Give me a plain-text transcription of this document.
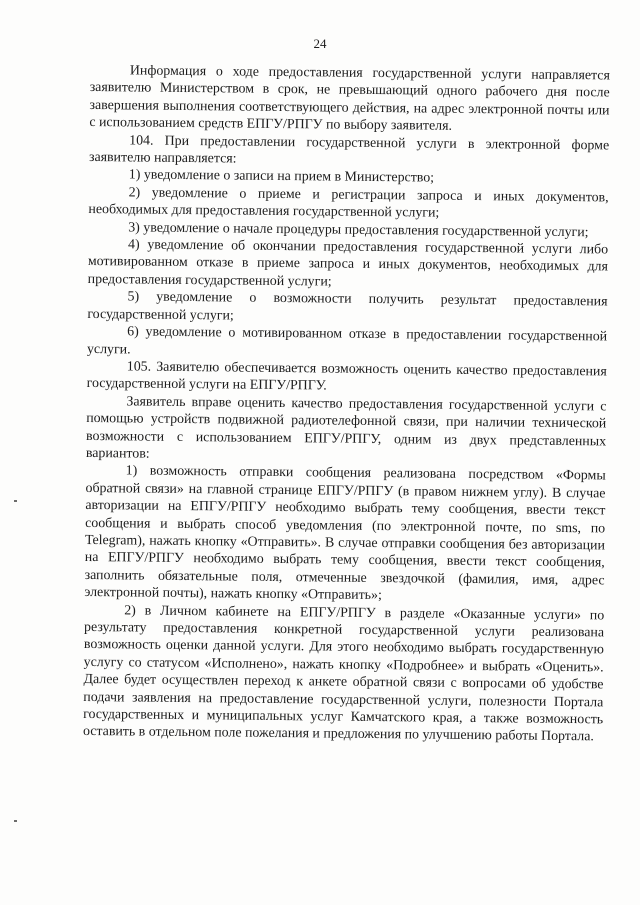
24

Информация о ходе предоставления государственной услуги направляется заявителю Министерством в срок, не превышающий одного рабочего дня после завершения выполнения соответствующего действия, на адрес электронной почты или с использованием средств ЕПГУ/РПГУ по выбору заявителя.

104. При предоставлении государственной услуги в электронной форме заявителю направляется:

1) уведомление о записи на прием в Министерство;

2) уведомление о приеме и регистрации запроса и иных документов, необходимых для предоставления государственной услуги;

3) уведомление о начале процедуры предоставления государственной услуги;

4) уведомление об окончании предоставления государственной услуги либо мотивированном отказе в приеме запроса и иных документов, необходимых для предоставления государственной услуги;

5) уведомление о возможности получить результат предоставления государственной услуги;

6) уведомление о мотивированном отказе в предоставлении государственной услуги.

105. Заявителю обеспечивается возможность оценить качество предоставления государственной услуги на ЕПГУ/РПГУ.

Заявитель вправе оценить качество предоставления государственной услуги с помощью устройств подвижной радиотелефонной связи, при наличии технической возможности с использованием ЕПГУ/РПГУ, одним из двух представленных вариантов:

1) возможность отправки сообщения реализована посредством «Формы обратной связи» на главной странице ЕПГУ/РПГУ (в правом нижнем углу). В случае авторизации на ЕПГУ/РПГУ необходимо выбрать тему сообщения, ввести текст сообщения и выбрать способ уведомления (по электронной почте, по sms, по Telegram), нажать кнопку «Отправить». В случае отправки сообщения без авторизации на ЕПГУ/РПГУ необходимо выбрать тему сообщения, ввести текст сообщения, заполнить обязательные поля, отмеченные звездочкой (фамилия, имя, адрес электронной почты), нажать кнопку «Отправить»;

2) в Личном кабинете на ЕПГУ/РПГУ в разделе «Оказанные услуги» по результату предоставления конкретной государственной услуги реализована возможность оценки данной услуги. Для этого необходимо выбрать государственную услугу со статусом «Исполнено», нажать кнопку «Подробнее» и выбрать «Оценить». Далее будет осуществлен переход к анкете обратной связи с вопросами об удобстве подачи заявления на предоставление государственной услуги, полезности Портала государственных и муниципальных услуг Камчатского края, а также возможность оставить в отдельном поле пожелания и предложения по улучшению работы Портала.
